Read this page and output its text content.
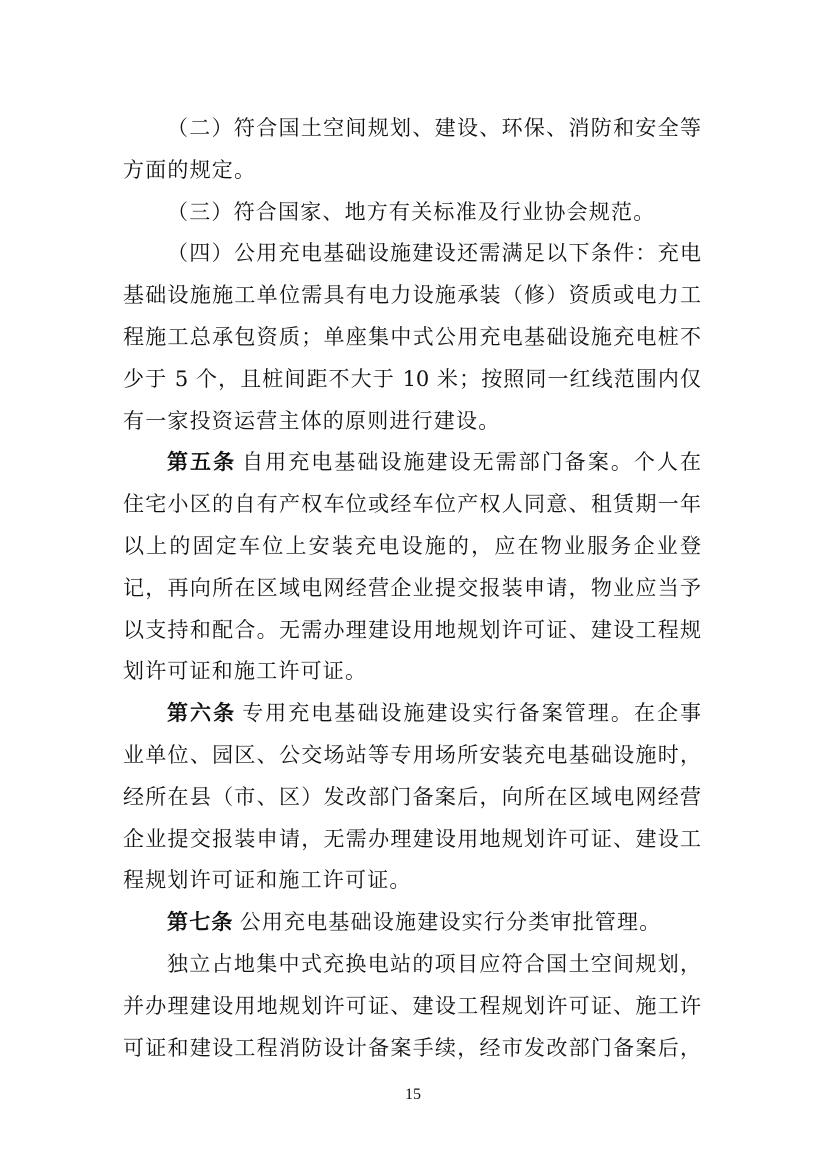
（二）符合国土空间规划、建设、环保、消防和安全等
方面的规定。
（三）符合国家、地方有关标准及行业协会规范。
（四）公用充电基础设施建设还需满足以下条件：充电
基础设施施工单位需具有电力设施承装（修）资质或电力工
程施工总承包资质；单座集中式公用充电基础设施充电桩不
少于 5 个，且桩间距不大于 10 米；按照同一红线范围内仅
有一家投资运营主体的原则进行建设。
第五条 自用充电基础设施建设无需部门备案。个人在
住宅小区的自有产权车位或经车位产权人同意、租赁期一年
以上的固定车位上安装充电设施的，应在物业服务企业登
记，再向所在区域电网经营企业提交报装申请，物业应当予
以支持和配合。无需办理建设用地规划许可证、建设工程规
划许可证和施工许可证。
第六条 专用充电基础设施建设实行备案管理。在企事
业单位、园区、公交场站等专用场所安装充电基础设施时，
经所在县（市、区）发改部门备案后，向所在区域电网经营
企业提交报装申请，无需办理建设用地规划许可证、建设工
程规划许可证和施工许可证。
第七条 公用充电基础设施建设实行分类审批管理。
独立占地集中式充换电站的项目应符合国土空间规划，
并办理建设用地规划许可证、建设工程规划许可证、施工许
可证和建设工程消防设计备案手续，经市发改部门备案后，
15
